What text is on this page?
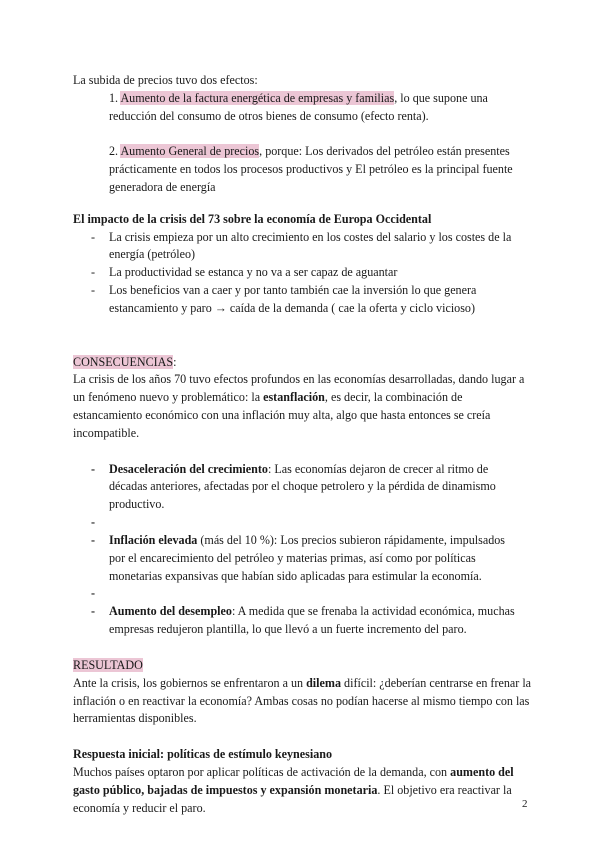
La subida de precios tuvo dos efectos:

1. Aumento de la factura energética de empresas y familias, lo que supone una reducción del consumo de otros bienes de consumo (efecto renta).

2. Aumento General de precios, porque: Los derivados del petróleo están presentes prácticamente en todos los procesos productivos y El petróleo es la principal fuente generadora de energía

El impacto de la crisis del 73 sobre la economía de Europa Occidental
- La crisis empieza por un alto crecimiento en los costes del salario y los costes de la energía (petróleo)
- La productividad se estanca y no va a ser capaz de aguantar
- Los beneficios van a caer y por tanto también cae la inversión lo que genera estancamiento y paro → caída de la demanda ( cae la oferta y ciclo vicioso)

CONSECUENCIAS:

La crisis de los años 70 tuvo efectos profundos en las economías desarrolladas, dando lugar a un fenómeno nuevo y problemático: la estanflación, es decir, la combinación de estancamiento económico con una inflación muy alta, algo que hasta entonces se creía incompatible.

- Desaceleración del crecimiento: Las economías dejaron de crecer al ritmo de décadas anteriores, afectadas por el choque petrolero y la pérdida de dinamismo productivo.
-
- Inflación elevada (más del 10 %): Los precios subieron rápidamente, impulsados por el encarecimiento del petróleo y materias primas, así como por políticas monetarias expansivas que habían sido aplicadas para estimular la economía.
-
- Aumento del desempleo: A medida que se frenaba la actividad económica, muchas empresas redujeron plantilla, lo que llevó a un fuerte incremento del paro.

RESULTADO

Ante la crisis, los gobiernos se enfrentaron a un dilema difícil: ¿deberían centrarse en frenar la inflación o en reactivar la economía? Ambas cosas no podían hacerse al mismo tiempo con las herramientas disponibles.

Respuesta inicial: políticas de estímulo keynesiano

Muchos países optaron por aplicar políticas de activación de la demanda, con aumento del gasto público, bajadas de impuestos y expansión monetaria. El objetivo era reactivar la economía y reducir el paro.	2
